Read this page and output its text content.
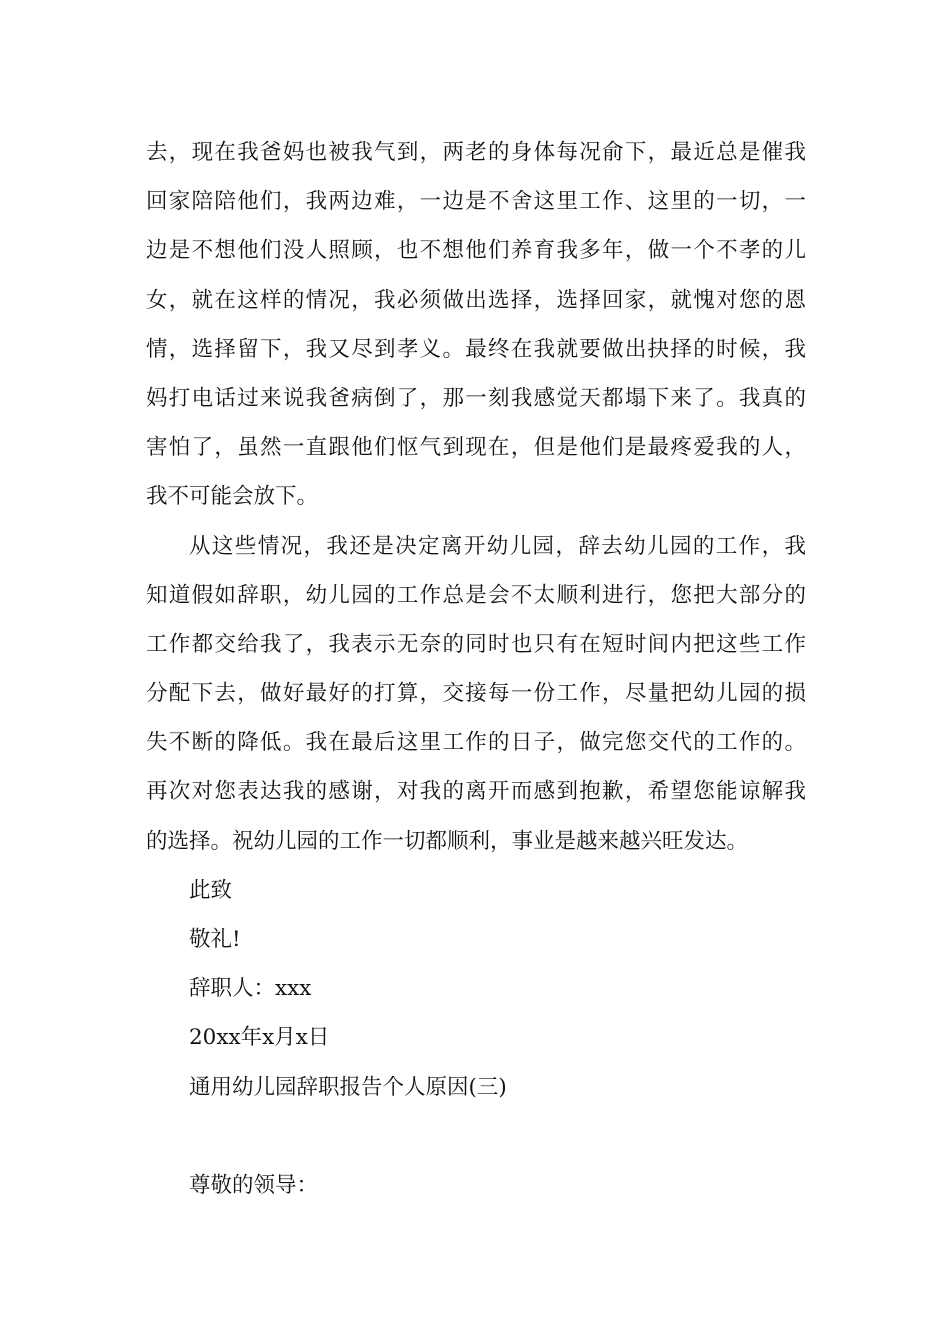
去，现在我爸妈也被我气到，两老的身体每况俞下，最近总是催我
回家陪陪他们，我两边难，一边是不舍这里工作、这里的一切，一
边是不想他们没人照顾，也不想他们养育我多年，做一个不孝的儿
女，就在这样的情况，我必须做出选择，选择回家，就愧对您的恩
情，选择留下，我又尽到孝义。最终在我就要做出抉择的时候，我
妈打电话过来说我爸病倒了，那一刻我感觉天都塌下来了。我真的
害怕了，虽然一直跟他们怄气到现在，但是他们是最疼爱我的人，
我不可能会放下。
从这些情况，我还是决定离开幼儿园，辞去幼儿园的工作，我
知道假如辞职，幼儿园的工作总是会不太顺利进行，您把大部分的
工作都交给我了，我表示无奈的同时也只有在短时间内把这些工作
分配下去，做好最好的打算，交接每一份工作，尽量把幼儿园的损
失不断的降低。我在最后这里工作的日子，做完您交代的工作的。
再次对您表达我的感谢，对我的离开而感到抱歉，希望您能谅解我
的选择。祝幼儿园的工作一切都顺利，事业是越来越兴旺发达。
此致
敬礼!
辞职人：xxx
20xx年x月x日
通用幼儿园辞职报告个人原因(三)
尊敬的领导：
